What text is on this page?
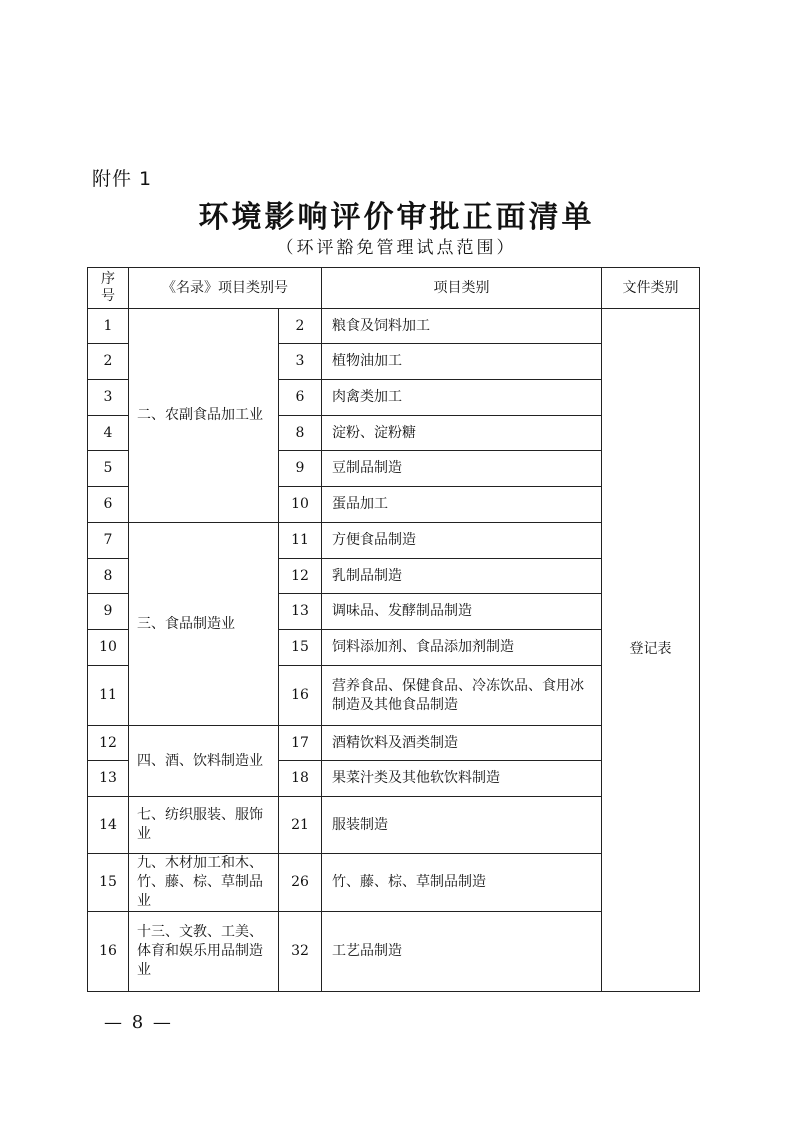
附件 1
环境影响评价审批正面清单
（环评豁免管理试点范围）
序号	《名录》项目类别号		项目类别	文件类别
1	二、农副食品加工业	2	粮食及饲料加工	登记表
2		3	植物油加工	
3		6	肉禽类加工	
4		8	淀粉、淀粉糖	
5		9	豆制品制造	
6		10	蛋品加工	
7	三、食品制造业	11	方便食品制造	
8		12	乳制品制造	
9		13	调味品、发酵制品制造	
10		15	饲料添加剂、食品添加剂制造	
11		16	营养食品、保健食品、冷冻饮品、食用冰制造及其他食品制造	
12	四、酒、饮料制造业	17	酒精饮料及酒类制造	
13		18	果菜汁类及其他软饮料制造	
14	七、纺织服装、服饰业	21	服装制造	
15	九、木材加工和木、竹、藤、棕、草制品业	26	竹、藤、棕、草制品制造	
16	十三、文教、工美、体育和娱乐用品制造业	32	工艺品制造	
— 8 —
